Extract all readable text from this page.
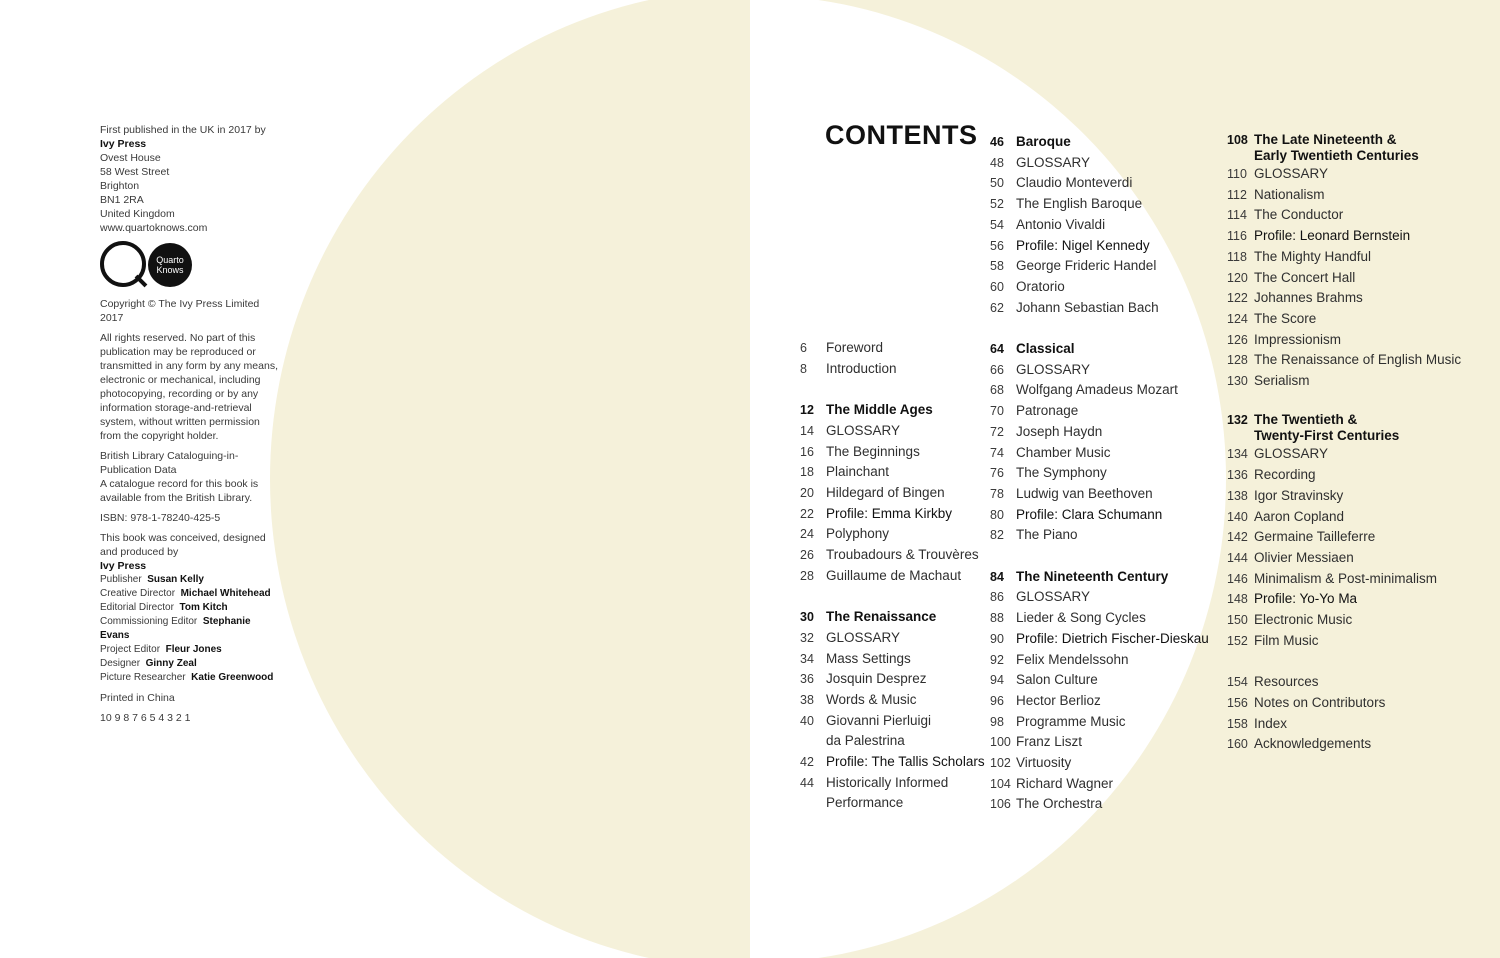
First published in the UK in 2017 by
Ivy Press
Ovest House
58 West Street
Brighton
BN1 2RA
United Kingdom
www.quartoknows.com
Quarto
Knows
Copyright © The Ivy Press Limited 2017
All rights reserved. No part of this publication may be reproduced or transmitted in any form by any means, electronic or mechanical, including photocopying, recording or by any information storage-and-retrieval system, without written permission from the copyright holder.
British Library Cataloguing-in-Publication Data
A catalogue record for this book is available from the British Library.
ISBN: 978-1-78240-425-5
This book was conceived, designed and produced by
Ivy Press
Publisher Susan Kelly
Creative Director Michael Whitehead
Editorial Director Tom Kitch
Commissioning Editor Stephanie Evans
Project Editor Fleur Jones
Designer Ginny Zeal
Picture Researcher Katie Greenwood
Printed in China
10 9 8 7 6 5 4 3 2 1
CONTENTS
6	Foreword
8	Introduction
12 The Middle Ages
14 GLOSSARY
16 The Beginnings
18 Plainchant
20 Hildegard of Bingen
22 Profile: Emma Kirkby
24 Polyphony
26 Troubadours & Trouvères
28 Guillaume de Machaut
30 The Renaissance
32 GLOSSARY
34 Mass Settings
36 Josquin Desprez
38 Words & Music
40 Giovanni Pierluigi
da Palestrina
42 Profile: The Tallis Scholars
44 Historically Informed
Performance
46 Baroque
48 GLOSSARY
50 Claudio Monteverdi
52 The English Baroque
54 Antonio Vivaldi
56 Profile: Nigel Kennedy
58 George Frideric Handel
60 Oratorio
62 Johann Sebastian Bach
64 Classical
66 GLOSSARY
68 Wolfgang Amadeus Mozart
70 Patronage
72 Joseph Haydn
74 Chamber Music
76 The Symphony
78 Ludwig van Beethoven
80 Profile: Clara Schumann
82 The Piano
84 The Nineteenth Century
86 GLOSSARY
88 Lieder & Song Cycles
90 Profile: Dietrich Fischer-Dieskau
92 Felix Mendelssohn
94 Salon Culture
96 Hector Berlioz
98 Programme Music
100 Franz Liszt
102 Virtuosity
104 Richard Wagner
106 The Orchestra
108 The Late Nineteenth &
Early Twentieth Centuries
110 GLOSSARY
112 Nationalism
114 The Conductor
116 Profile: Leonard Bernstein
118 The Mighty Handful
120 The Concert Hall
122 Johannes Brahms
124 The Score
126 Impressionism
128 The Renaissance of English Music
130 Serialism
132 The Twentieth &
Twenty-First Centuries
134 GLOSSARY
136 Recording
138 Igor Stravinsky
140 Aaron Copland
142 Germaine Tailleferre
144 Olivier Messiaen
146 Minimalism & Post-minimalism
148 Profile: Yo-Yo Ma
150 Electronic Music
152 Film Music
154 Resources
156 Notes on Contributors
158 Index
160 Acknowledgements
